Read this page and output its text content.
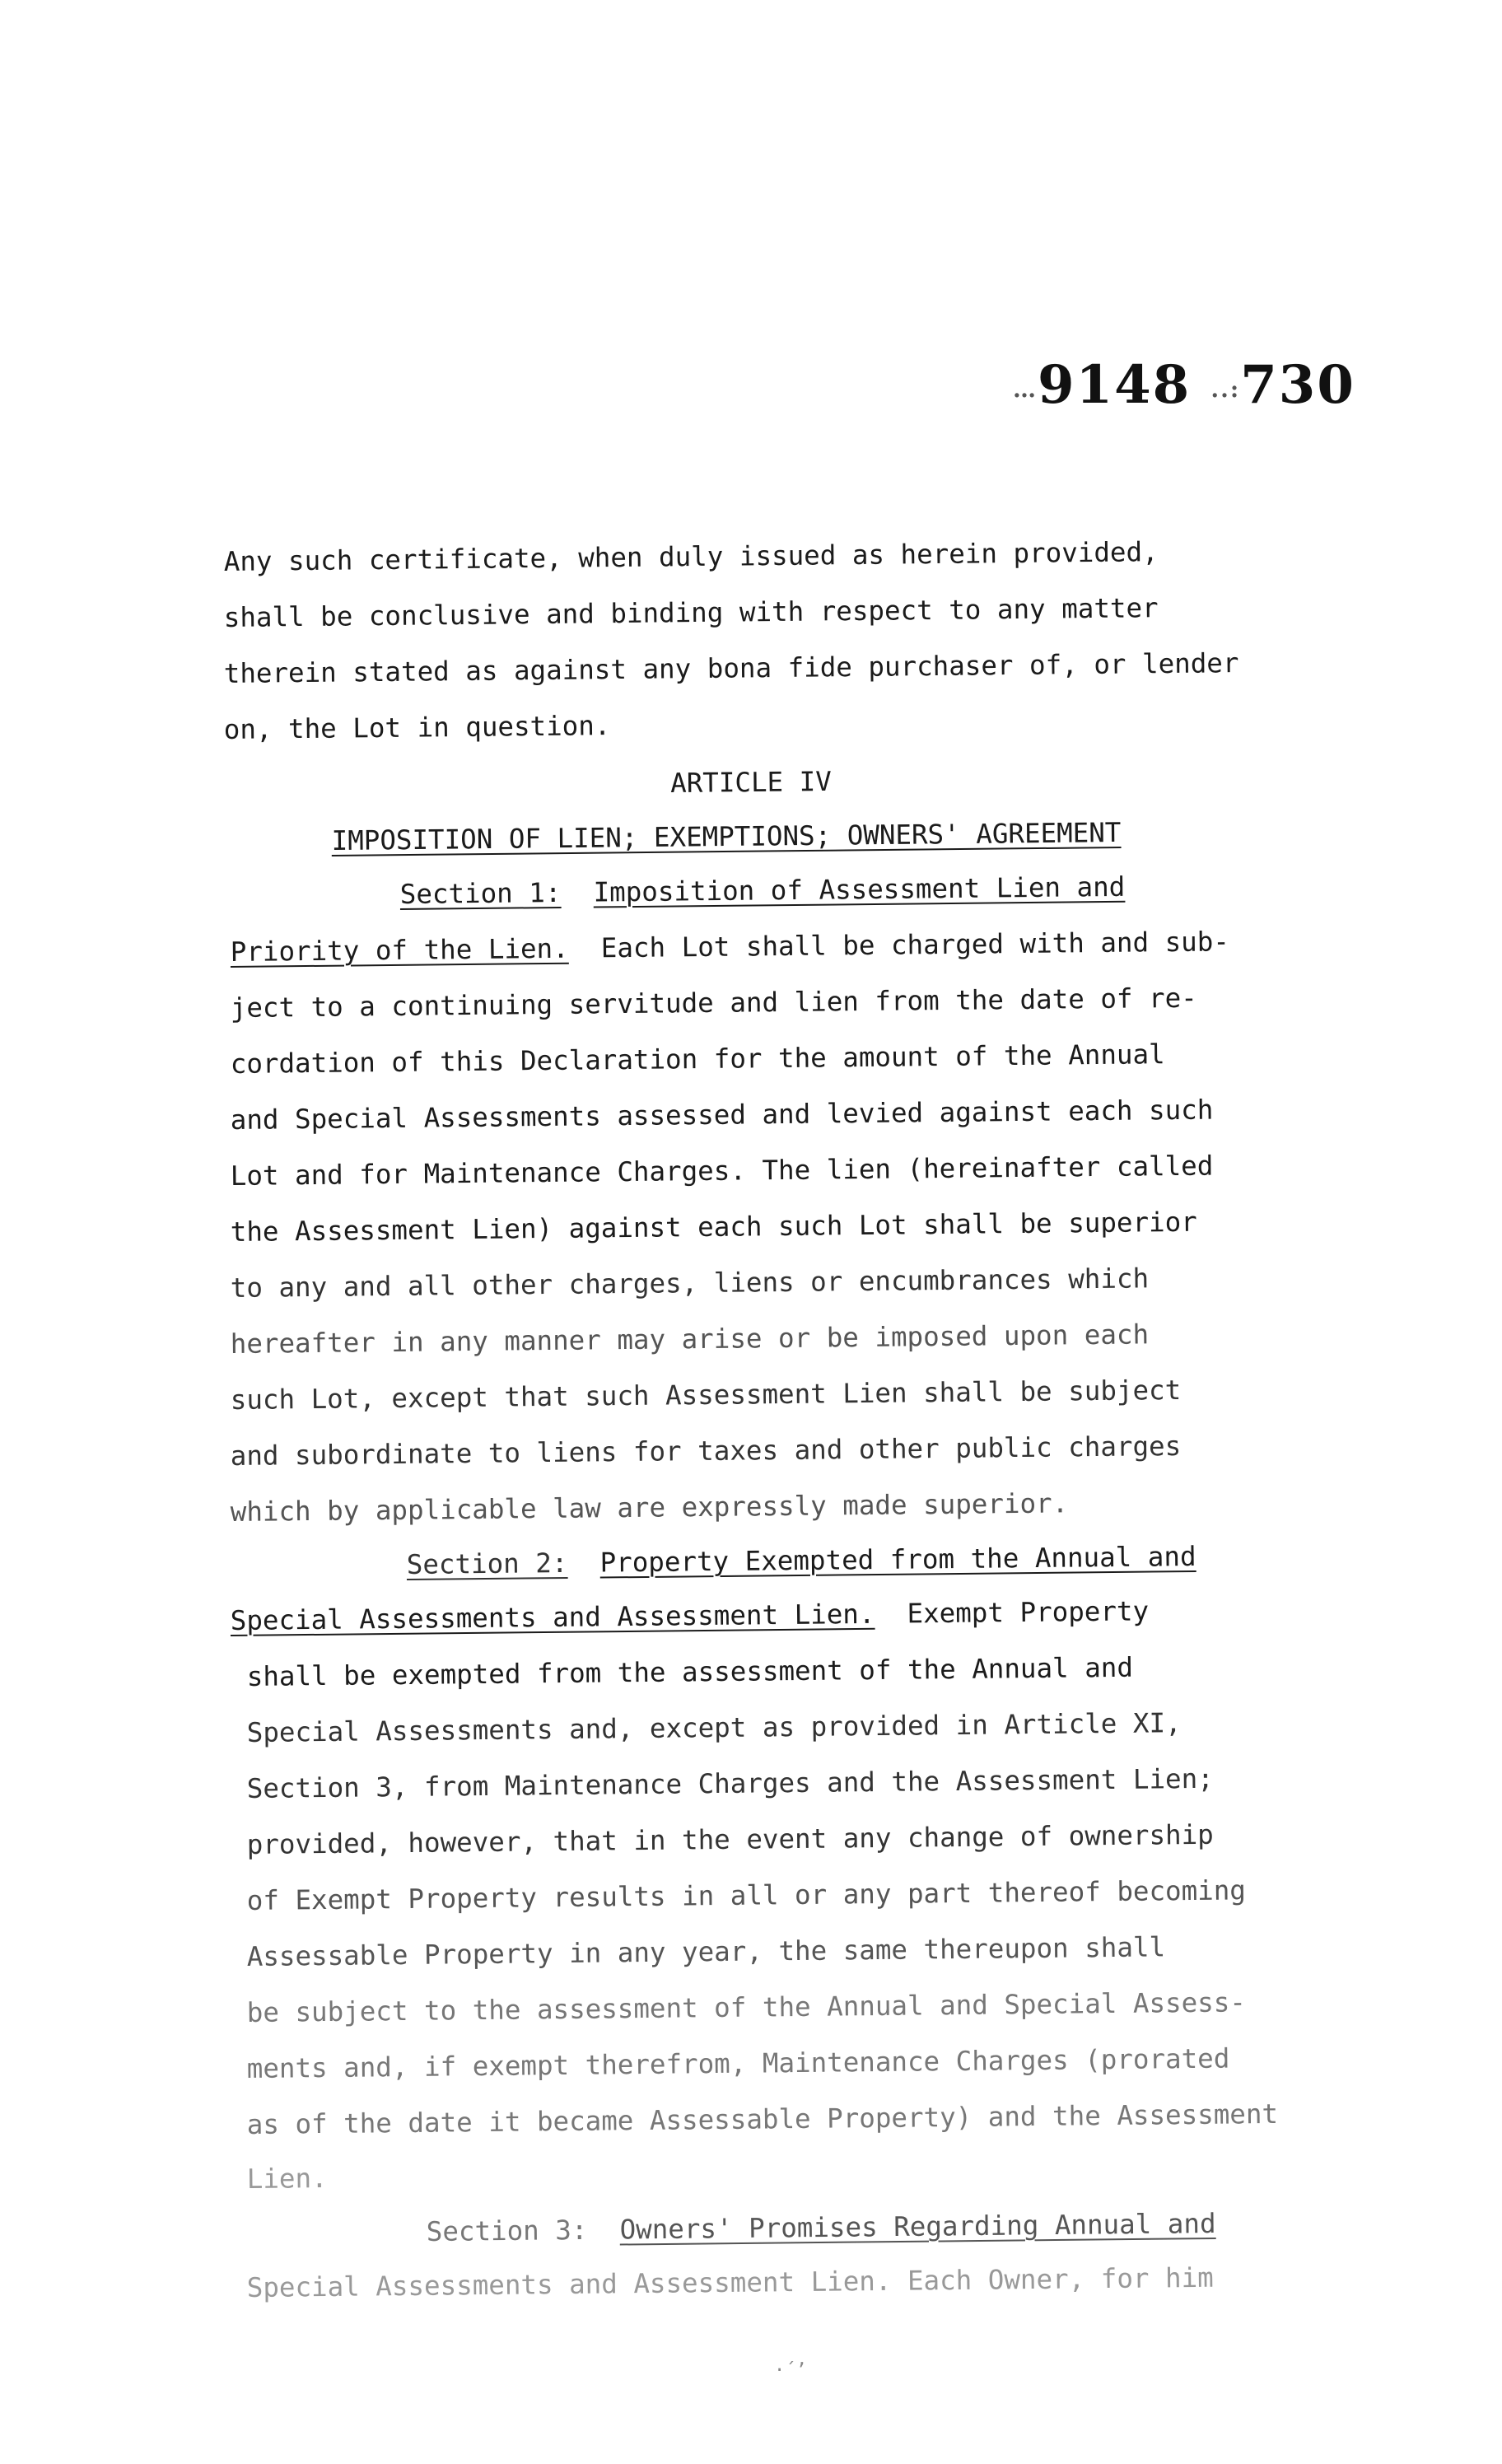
…9148 ..:730
Any such certificate, when duly issued as herein provided,
shall be conclusive and binding with respect to any matter
therein stated as against any bona fide purchaser of, or lender
on, the Lot in question.
ARTICLE IV
IMPOSITION OF LIEN; EXEMPTIONS; OWNERS' AGREEMENT
Section 1: Imposition of Assessment Lien and
Priority of the Lien. Each Lot shall be charged with and sub-
ject to a continuing servitude and lien from the date of re-
cordation of this Declaration for the amount of the Annual
and Special Assessments assessed and levied against each such
Lot and for Maintenance Charges. The lien (hereinafter called
the Assessment Lien) against each such Lot shall be superior
to any and all other charges, liens or encumbrances which
hereafter in any manner may arise or be imposed upon each
such Lot, except that such Assessment Lien shall be subject
and subordinate to liens for taxes and other public charges
which by applicable law are expressly made superior.
Section 2: Property Exempted from the Annual and
Special Assessments and Assessment Lien. Exempt Property
shall be exempted from the assessment of the Annual and
Special Assessments and, except as provided in Article XI,
Section 3, from Maintenance Charges and the Assessment Lien;
provided, however, that in the event any change of ownership
of Exempt Property results in all or any part thereof becoming
Assessable Property in any year, the same thereupon shall
be subject to the assessment of the Annual and Special Assess-
ments and, if exempt therefrom, Maintenance Charges (prorated
as of the date it became Assessable Property) and the Assessment
Lien.
Section 3: Owners' Promises Regarding Annual and
Special Assessments and Assessment Lien. Each Owner, for him
·´ʼ
